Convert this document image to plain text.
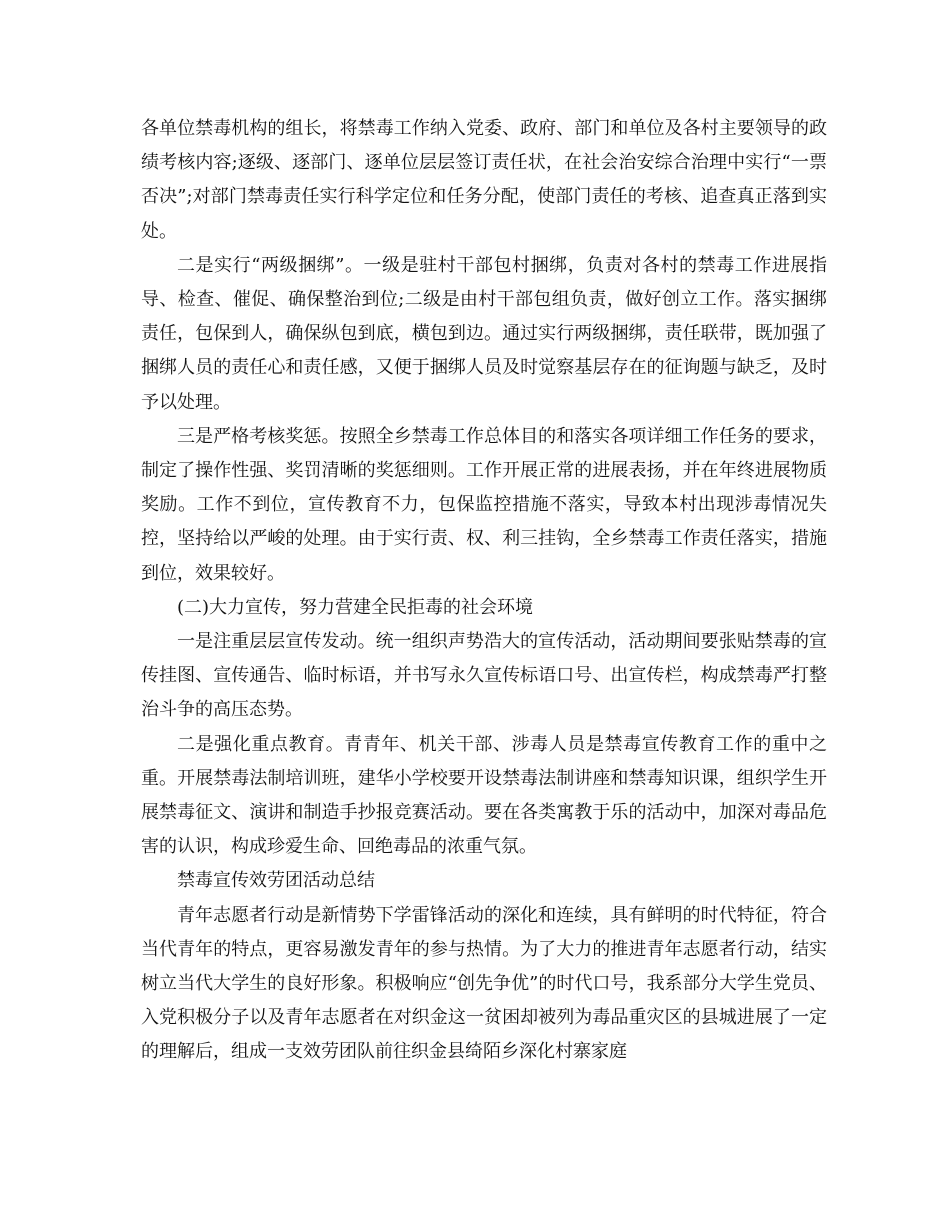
各单位禁毒机构的组长，将禁毒工作纳入党委、政府、部门和单位及各村主要领导的政绩考核内容;逐级、逐部门、逐单位层层签订责任状，在社会治安综合治理中实行“一票否决”;对部门禁毒责任实行科学定位和任务分配，使部门责任的考核、追查真正落到实处。

二是实行“两级捆绑”。一级是驻村干部包村捆绑，负责对各村的禁毒工作进展指导、检查、催促、确保整治到位;二级是由村干部包组负责，做好创立工作。落实捆绑责任，包保到人，确保纵包到底，横包到边。通过实行两级捆绑，责任联带，既加强了捆绑人员的责任心和责任感，又便于捆绑人员及时觉察基层存在的征询题与缺乏，及时予以处理。

三是严格考核奖惩。按照全乡禁毒工作总体目的和落实各项详细工作任务的要求，制定了操作性强、奖罚清晰的奖惩细则。工作开展正常的进展表扬，并在年终进展物质奖励。工作不到位，宣传教育不力，包保监控措施不落实，导致本村出现涉毒情况失控，坚持给以严峻的处理。由于实行责、权、利三挂钩，全乡禁毒工作责任落实，措施到位，效果较好。

(二)大力宣传，努力营建全民拒毒的社会环境

一是注重层层宣传发动。统一组织声势浩大的宣传活动，活动期间要张贴禁毒的宣传挂图、宣传通告、临时标语，并书写永久宣传标语口号、出宣传栏，构成禁毒严打整治斗争的高压态势。

二是强化重点教育。青青年、机关干部、涉毒人员是禁毒宣传教育工作的重中之重。开展禁毒法制培训班，建华小学校要开设禁毒法制讲座和禁毒知识课，组织学生开展禁毒征文、演讲和制造手抄报竞赛活动。要在各类寓教于乐的活动中，加深对毒品危害的认识，构成珍爱生命、回绝毒品的浓重气氛。

禁毒宣传效劳团活动总结

青年志愿者行动是新情势下学雷锋活动的深化和连续，具有鲜明的时代特征，符合当代青年的特点，更容易激发青年的参与热情。为了大力的推进青年志愿者行动，结实树立当代大学生的良好形象。积极响应“创先争优”的时代口号，我系部分大学生党员、入党积极分子以及青年志愿者在对织金这一贫困却被列为毒品重灾区的县城进展了一定的理解后，组成一支效劳团队前往织金县绮陌乡深化村寨家庭
